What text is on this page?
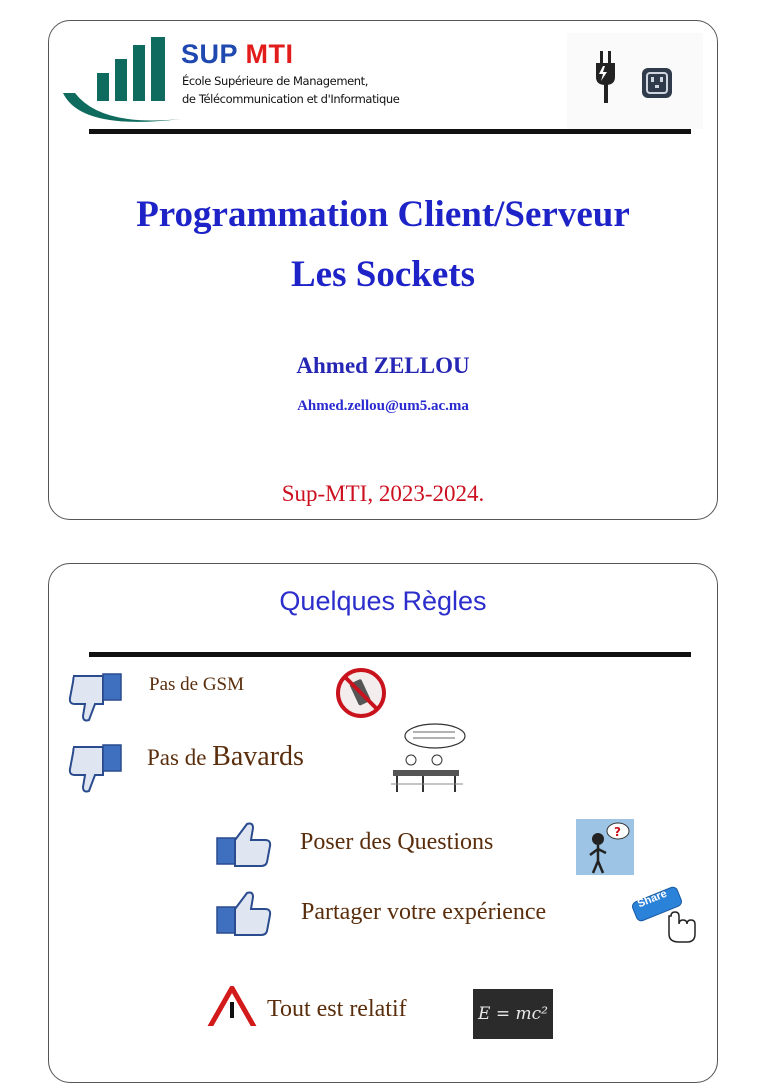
SUP MTI
École Supérieure de Management,
de Télécommunication et d'Informatique
Programmation Client/Serveur
Les Sockets
Ahmed ZELLOU
Ahmed.zellou@um5.ac.ma
Sup-MTI, 2023-2024.
Quelques Règles
Pas de GSM
Pas de Bavards
Poser des Questions	?
Partager votre expérience	Share
Tout est relatif	E = mc²
